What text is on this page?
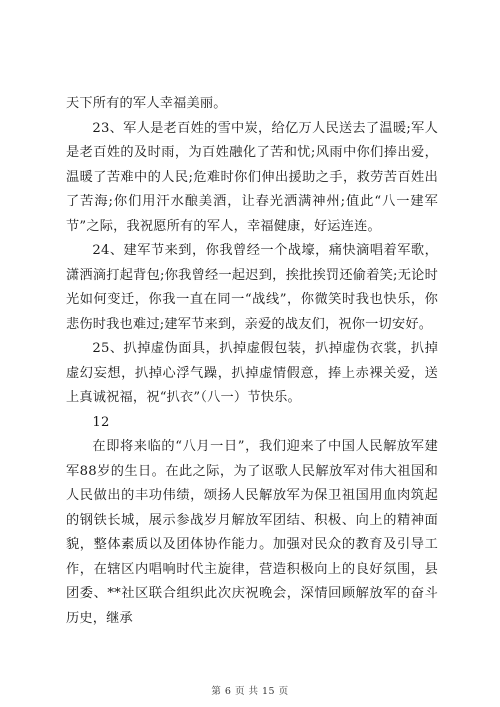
天下所有的军人幸福美丽。

23、军人是老百姓的雪中炭，给亿万人民送去了温暖;军人是老百姓的及时雨，为百姓融化了苦和忧;风雨中你们捧出爱，温暖了苦难中的人民;危难时你们伸出援助之手，救劳苦百姓出了苦海;你们用汗水酿美酒，让春光洒满神州;值此“八一建军节”之际，我祝愿所有的军人，幸福健康，好运连连。

24、建军节来到，你我曾经一个战壕，痛快滴唱着军歌，潇洒滴打起背包;你我曾经一起迟到，挨批挨罚还偷着笑;无论时光如何变迁，你我一直在同一“战线”，你微笑时我也快乐，你悲伤时我也难过;建军节来到，亲爱的战友们，祝你一切安好。

25、扒掉虚伪面具，扒掉虚假包装，扒掉虚伪衣裳，扒掉虚幻妄想，扒掉心浮气躁，扒掉虚情假意，捧上赤裸关爱，送上真诚祝福，祝“扒衣”（八一）节快乐。

12

在即将来临的“八月一日”，我们迎来了中国人民解放军建军88岁的生日。在此之际，为了讴歌人民解放军对伟大祖国和人民做出的丰功伟绩，颂扬人民解放军为保卫祖国用血肉筑起的钢铁长城，展示参战岁月解放军团结、积极、向上的精神面貌，整体素质以及团体协作能力。加强对民众的教育及引导工作，在辖区内唱响时代主旋律，营造积极向上的良好氛围，县团委、**社区联合组织此次庆祝晚会，深情回顾解放军的奋斗历史，继承

第 6 页 共 15 页
